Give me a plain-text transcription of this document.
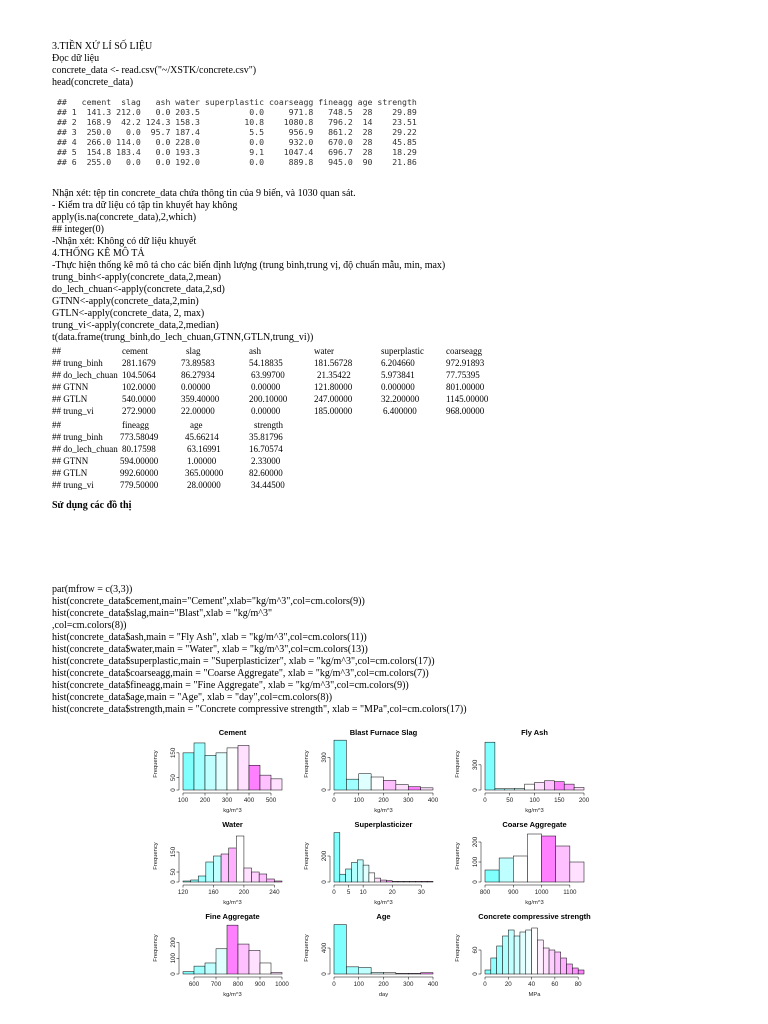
3.TIỀN XỬ LÍ SỐ LIỆU
Đọc dữ liệu
concrete_data <- read.csv("~/XSTK/concrete.csv")
head(concrete_data)
##   cement  slag   ash water superplastic coarseagg fineagg age strength
## 1  141.3 212.0   0.0 203.5          0.0     971.8   748.5  28    29.89
## 2  168.9  42.2 124.3 158.3         10.8    1080.8   796.2  14    23.51
## 3  250.0   0.0  95.7 187.4          5.5     956.9   861.2  28    29.22
## 4  266.0 114.0   0.0 228.0          0.0     932.0   670.0  28    45.85
## 5  154.8 183.4   0.0 193.3          9.1    1047.4   696.7  28    18.29
## 6  255.0   0.0   0.0 192.0          0.0     889.8   945.0  90    21.86
Nhận xét: tệp tin concrete_data chứa thông tin của 9 biến, và 1030 quan sát.
- Kiểm tra dữ liệu có tập tin khuyết hay không
apply(is.na(concrete_data),2,which)
## integer(0)
-Nhận xét: Không có dữ liệu khuyết
4.THỐNG KÊ MÔ TẢ
-Thực hiện thống kê mô tả cho các biến định lượng (trung bình,trung vị, độ chuẩn mẫu, min, max)
trung_binh<-apply(concrete_data,2,mean)
do_lech_chuan<-apply(concrete_data,2,sd)
GTNN<-apply(concrete_data,2,min)
GTLN<-apply(concrete_data, 2, max)
trung_vi<-apply(concrete_data,2,median)
t(data.frame(trung_binh,do_lech_chuan,GTNN,GTLN,trung_vi))
##	cement	slag	ash	water	superplastic coarseagg
## trung_binh 281.1679	73.89583	54.18835	181.56728	6.204660	972.91893
## do_lech_chuan 104.5064	86.27934	63.99700	21.35422	5.973841	77.75395
## GTNN	102.0000	0.00000	0.00000	121.80000	0.000000	801.00000
## GTLN	540.0000	359.40000	200.10000	247.00000	32.200000	1145.00000
## trung_vi	272.9000	22.00000	0.00000	185.00000	6.400000	968.00000
##	fineagg	age	strength
## trung_binh 773.58049	45.66214	35.81796
## do_lech_chuan 80.17598	63.16991	16.70574
## GTNN	594.00000	1.00000	2.33000
## GTLN	992.60000	365.00000	82.60000
## trung_vi	779.50000	28.00000	34.44500
Sử dụng các đồ thị
par(mfrow = c(3,3))
hist(concrete_data$cement,main="Cement",xlab="kg/m^3",col=cm.colors(9))
hist(concrete_data$slag,main="Blast",xlab = "kg/m^3"
,col=cm.colors(8))
hist(concrete_data$ash,main = "Fly Ash", xlab = "kg/m^3",col=cm.colors(11))
hist(concrete_data$water,main = "Water", xlab = "kg/m^3",col=cm.colors(13))
hist(concrete_data$superplastic,main = "Superplasticizer", xlab = "kg/m^3",col=cm.colors(17))
hist(concrete_data$coarseagg,main = "Coarse Aggregate", xlab = "kg/m^3",col=cm.colors(7))
hist(concrete_data$fineagg,main = "Fine Aggregate", xlab = "kg/m^3",col=cm.colors(9))
hist(concrete_data$age,main = "Age", xlab = "day",col=cm.colors(8))
hist(concrete_data$strength,main = "Concrete compressive strength", xlab = "MPa",col=cm.colors(17))
Cement
100 200 300 400 500
kg/m^3
0
50
150
Frequency
Blast Furnace Slag
0	100 200 300 400
kg/m^3
0
300
Frequency
Fly Ash
0	50	100 150 200
kg/m^3
0
300
Frequency
Water
120	160	200	240
kg/m^3
0
50
150
Frequency
Superplasticizer
0 5 10	20	30
kg/m^3
0
200
Frequency
Coarse Aggregate
800	900	1000 1100
kg/m^3
0
100
200
Frequency
Fine Aggregate
600 700 800 900 1000
kg/m^3
0
100
200
Frequency
Age
0	100 200 300 400
day
0
400
Frequency
Concrete compressive strength
0	20	40	60	80
MPa
0
60
Frequency
